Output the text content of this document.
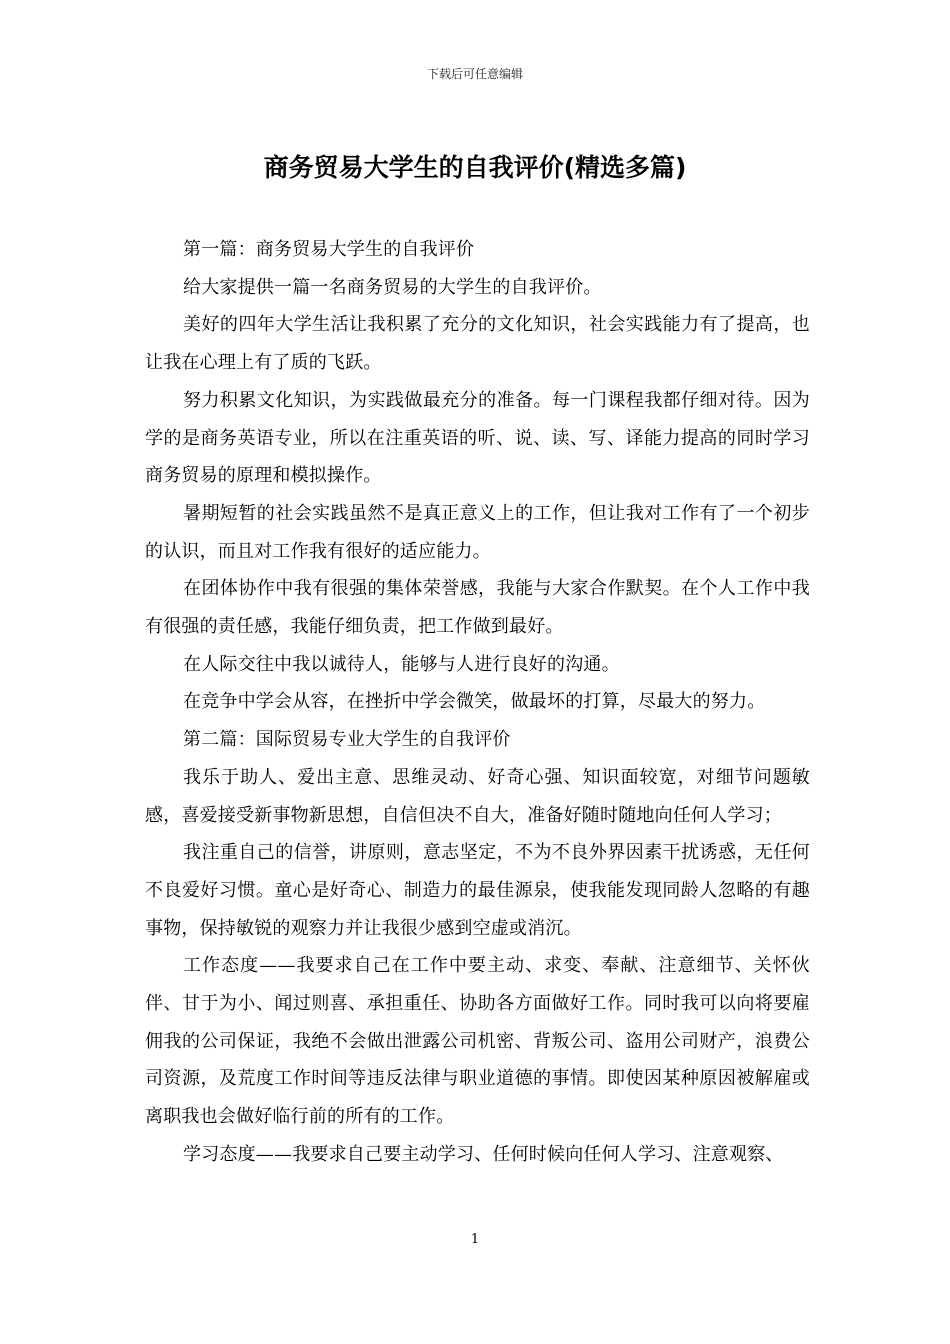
下载后可任意编辑
商务贸易大学生的自我评价(精选多篇)

第一篇：商务贸易大学生的自我评价

给大家提供一篇一名商务贸易的大学生的自我评价。

美好的四年大学生活让我积累了充分的文化知识，社会实践能力有了提高，也让我在心理上有了质的飞跃。

努力积累文化知识，为实践做最充分的准备。每一门课程我都仔细对待。因为学的是商务英语专业，所以在注重英语的听、说、读、写、译能力提高的同时学习商务贸易的原理和模拟操作。

暑期短暂的社会实践虽然不是真正意义上的工作，但让我对工作有了一个初步的认识，而且对工作我有很好的适应能力。

在团体协作中我有很强的集体荣誉感，我能与大家合作默契。在个人工作中我有很强的责任感，我能仔细负责，把工作做到最好。

在人际交往中我以诚待人，能够与人进行良好的沟通。

在竞争中学会从容，在挫折中学会微笑，做最坏的打算，尽最大的努力。

第二篇：国际贸易专业大学生的自我评价

我乐于助人、爱出主意、思维灵动、好奇心强、知识面较宽，对细节问题敏感，喜爱接受新事物新思想，自信但决不自大，准备好随时随地向任何人学习；

我注重自己的信誉，讲原则，意志坚定，不为不良外界因素干扰诱惑，无任何不良爱好习惯。童心是好奇心、制造力的最佳源泉，使我能发现同龄人忽略的有趣事物，保持敏锐的观察力并让我很少感到空虚或消沉。

工作态度——我要求自己在工作中要主动、求变、奉献、注意细节、关怀伙伴、甘于为小、闻过则喜、承担重任、协助各方面做好工作。同时我可以向将要雇佣我的公司保证，我绝不会做出泄露公司机密、背叛公司、盗用公司财产，浪费公司资源，及荒度工作时间等违反法律与职业道德的事情。即使因某种原因被解雇或离职我也会做好临行前的所有的工作。

学习态度——我要求自己要主动学习、任何时候向任何人学习、注意观察、

1
